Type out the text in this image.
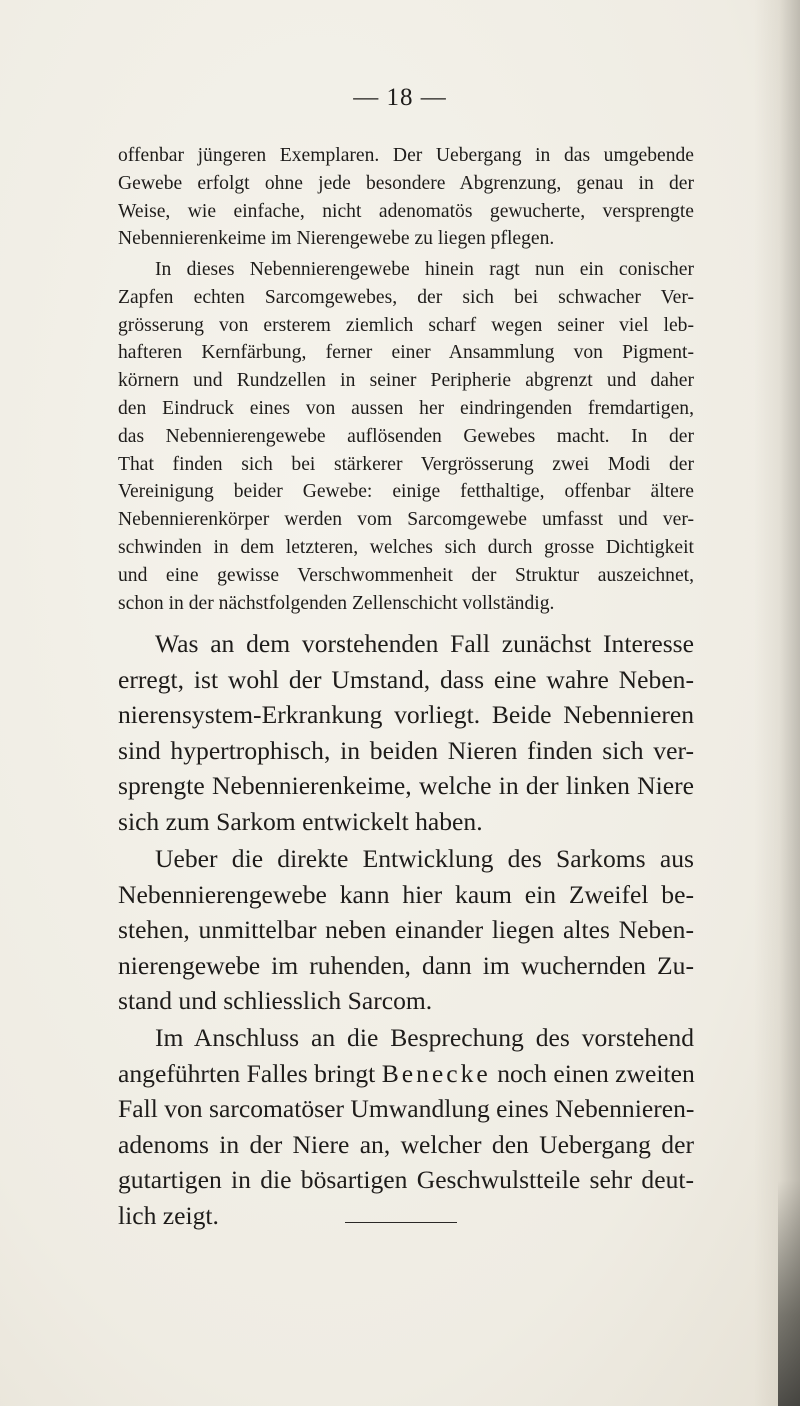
— 18 —
offenbar jüngeren Exemplaren. Der Uebergang in das umgebende
Gewebe erfolgt ohne jede besondere Abgrenzung, genau in der
Weise, wie einfache, nicht adenomatös gewucherte, versprengte
Nebennierenkeime im Nierengewebe zu liegen pflegen.
In dieses Nebennierengewebe hinein ragt nun ein conischer
Zapfen echten Sarcomgewebes, der sich bei schwacher Ver-
grösserung von ersterem ziemlich scharf wegen seiner viel leb-
hafteren Kernfärbung, ferner einer Ansammlung von Pigment-
körnern und Rundzellen in seiner Peripherie abgrenzt und daher
den Eindruck eines von aussen her eindringenden fremdartigen,
das Nebennierengewebe auflösenden Gewebes macht. In der
That finden sich bei stärkerer Vergrösserung zwei Modi der
Vereinigung beider Gewebe: einige fetthaltige, offenbar ältere
Nebennierenkörper werden vom Sarcomgewebe umfasst und ver-
schwinden in dem letzteren, welches sich durch grosse Dichtigkeit
und eine gewisse Verschwommenheit der Struktur auszeichnet,
schon in der nächstfolgenden Zellenschicht vollständig.
Was an dem vorstehenden Fall zunächst Interesse
erregt, ist wohl der Umstand, dass eine wahre Neben-
nierensystem-Erkrankung vorliegt. Beide Nebennieren
sind hypertrophisch, in beiden Nieren finden sich ver-
sprengte Nebennierenkeime, welche in der linken Niere
sich zum Sarkom entwickelt haben.
Ueber die direkte Entwicklung des Sarkoms aus
Nebennierengewebe kann hier kaum ein Zweifel be-
stehen, unmittelbar neben einander liegen altes Neben-
nierengewebe im ruhenden, dann im wuchernden Zu-
stand und schliesslich Sarcom.
Im Anschluss an die Besprechung des vorstehend
angeführten Falles bringt Benecke noch einen zweiten
Fall von sarcomatöser Umwandlung eines Nebennieren-
adenoms in der Niere an, welcher den Uebergang der
gutartigen in die bösartigen Geschwulstteile sehr deut-
lich zeigt.
